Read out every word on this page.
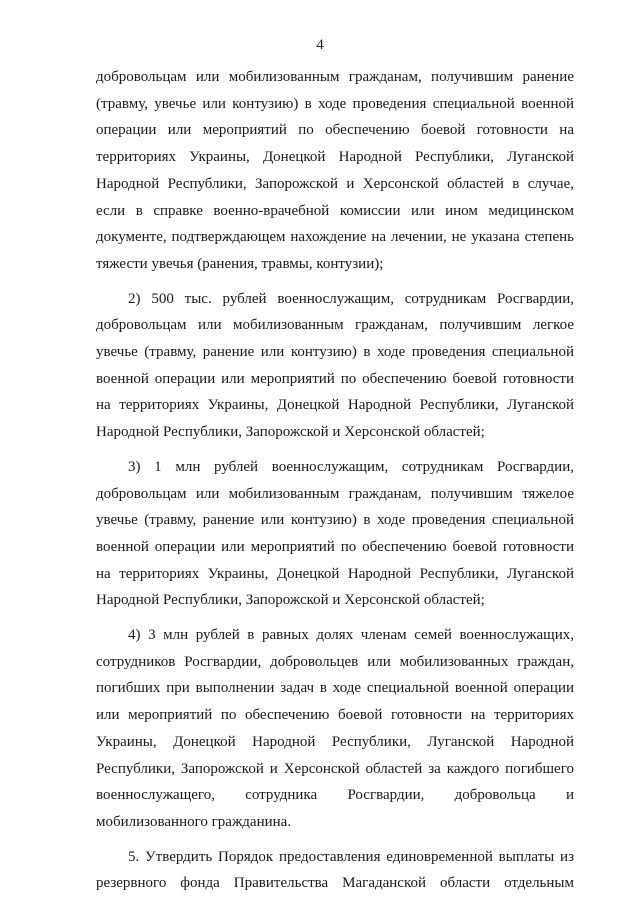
4

добровольцам или мобилизованным гражданам, получившим ранение (травму, увечье или контузию) в ходе проведения специальной военной операции или мероприятий по обеспечению боевой готовности на территориях Украины, Донецкой Народной Республики, Луганской Народной Республики, Запорожской и Херсонской областей в случае, если в справке военно-врачебной комиссии или ином медицинском документе, подтверждающем нахождение на лечении, не указана степень тяжести увечья (ранения, травмы, контузии);

2) 500 тыс. рублей военнослужащим, сотрудникам Росгвардии, добровольцам или мобилизованным гражданам, получившим легкое увечье (травму, ранение или контузию) в ходе проведения специальной военной операции или мероприятий по обеспечению боевой готовности на территориях Украины, Донецкой Народной Республики, Луганской Народной Республики, Запорожской и Херсонской областей;

3) 1 млн рублей военнослужащим, сотрудникам Росгвардии, добровольцам или мобилизованным гражданам, получившим тяжелое увечье (травму, ранение или контузию) в ходе проведения специальной военной операции или мероприятий по обеспечению боевой готовности на территориях Украины, Донецкой Народной Республики, Луганской Народной Республики, Запорожской и Херсонской областей;

4) 3 млн рублей в равных долях членам семей военнослужащих, сотрудников Росгвардии, добровольцев или мобилизованных граждан, погибших при выполнении задач в ходе специальной военной операции или мероприятий по обеспечению боевой готовности на территориях Украины, Донецкой Народной Республики, Луганской Народной Республики, Запорожской и Херсонской областей за каждого погибшего военнослужащего, сотрудника Росгвардии, добровольца и мобилизованного гражданина.

5. Утвердить Порядок предоставления единовременной выплаты из резервного фонда Правительства Магаданской области отдельным
